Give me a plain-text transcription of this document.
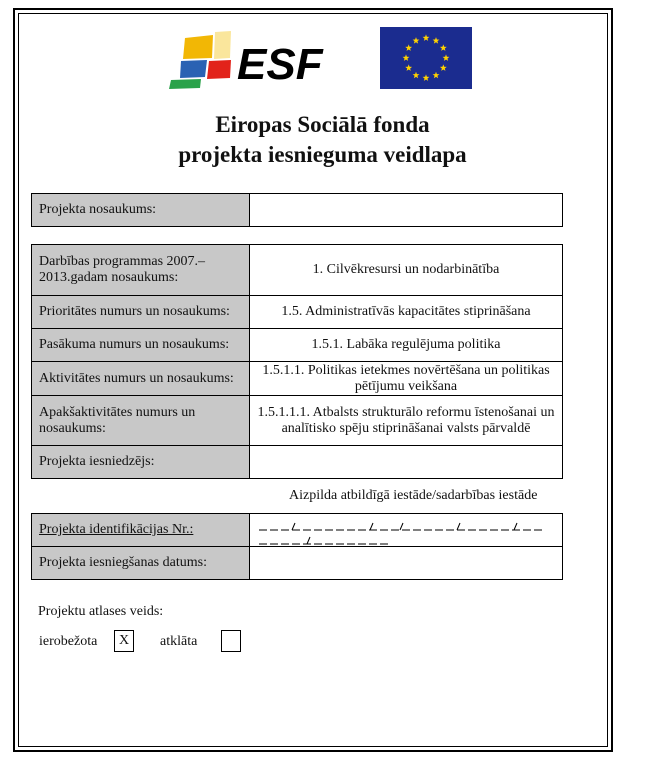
ESF
Eiropas Sociālā fonda
projekta iesnieguma veidlapa
Projekta nosaukums:	
Darbības programmas 2007.–2013.gadam nosaukums:	1. Cilvēkresursi un nodarbinātība
Prioritātes numurs un nosaukums:	1.5. Administratīvās kapacitātes stiprināšana
Pasākuma numurs un nosaukums:	1.5.1. Labāka regulējuma politika
Aktivitātes numurs un nosaukums:	1.5.1.1. Politikas ietekmes novērtēšana un politikas pētījumu veikšana
Apakšaktivitātes numurs un nosaukums:	1.5.1.1.1. Atbalsts strukturālo reformu īstenošanai un analītisko spēju stiprināšanai valsts pārvaldē
Projekta iesniedzējs:	
Aizpilda atbildīgā iestāde/sadarbības iestāde
Projekta identifikācijas Nr.:	

Projekta iesniegšanas datums:	
Projektu atlases veids:
ierobežota	X	atklāta
